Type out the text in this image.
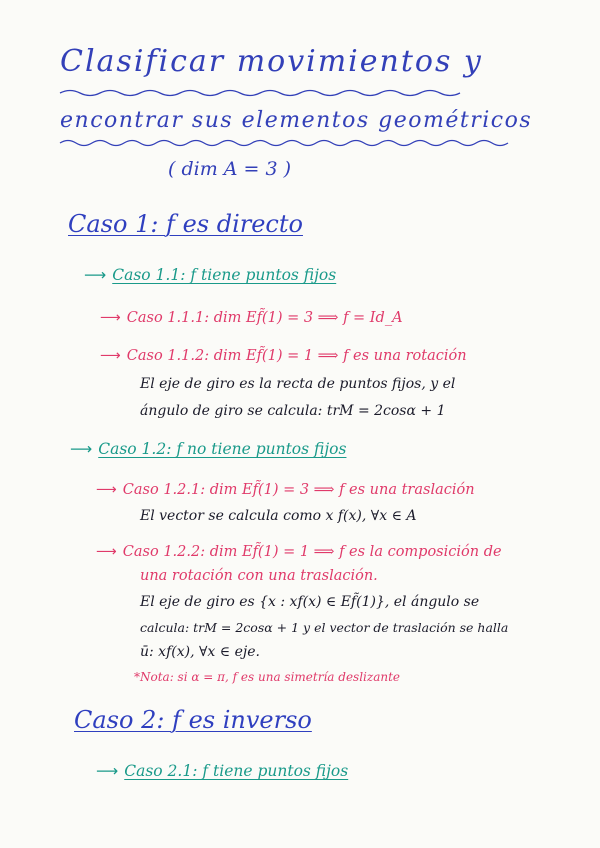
Clasificar movimientos y
encontrar sus elementos geométricos
( dim A = 3 )
Caso 1: f es directo
⟶ Caso 1.1: f tiene puntos fijos
⟶ Caso 1.1.1: dim Ef̃(1) = 3 ⟹ f = Id_A
⟶ Caso 1.1.2: dim Ef̃(1) = 1 ⟹ f es una rotación
El eje de giro es la recta de puntos fijos, y el
ángulo de giro se calcula: trM = 2cosα + 1
⟶ Caso 1.2: f no tiene puntos fijos
⟶ Caso 1.2.1: dim Ef̃(1) = 3 ⟹ f es una traslación
El vector se calcula como x f(x), ∀x ∈ A
⟶ Caso 1.2.2: dim Ef̃(1) = 1 ⟹ f es la composición de
una rotación con una traslación.
El eje de giro es {x : xf(x) ∈ Ef̃(1)}, el ángulo se
calcula: trM = 2cosα + 1 y el vector de traslación se halla
ū: xf(x), ∀x ∈ eje.
*Nota: si α = π, f es una simetría deslizante
Caso 2: f es inverso
⟶ Caso 2.1: f tiene puntos fijos
